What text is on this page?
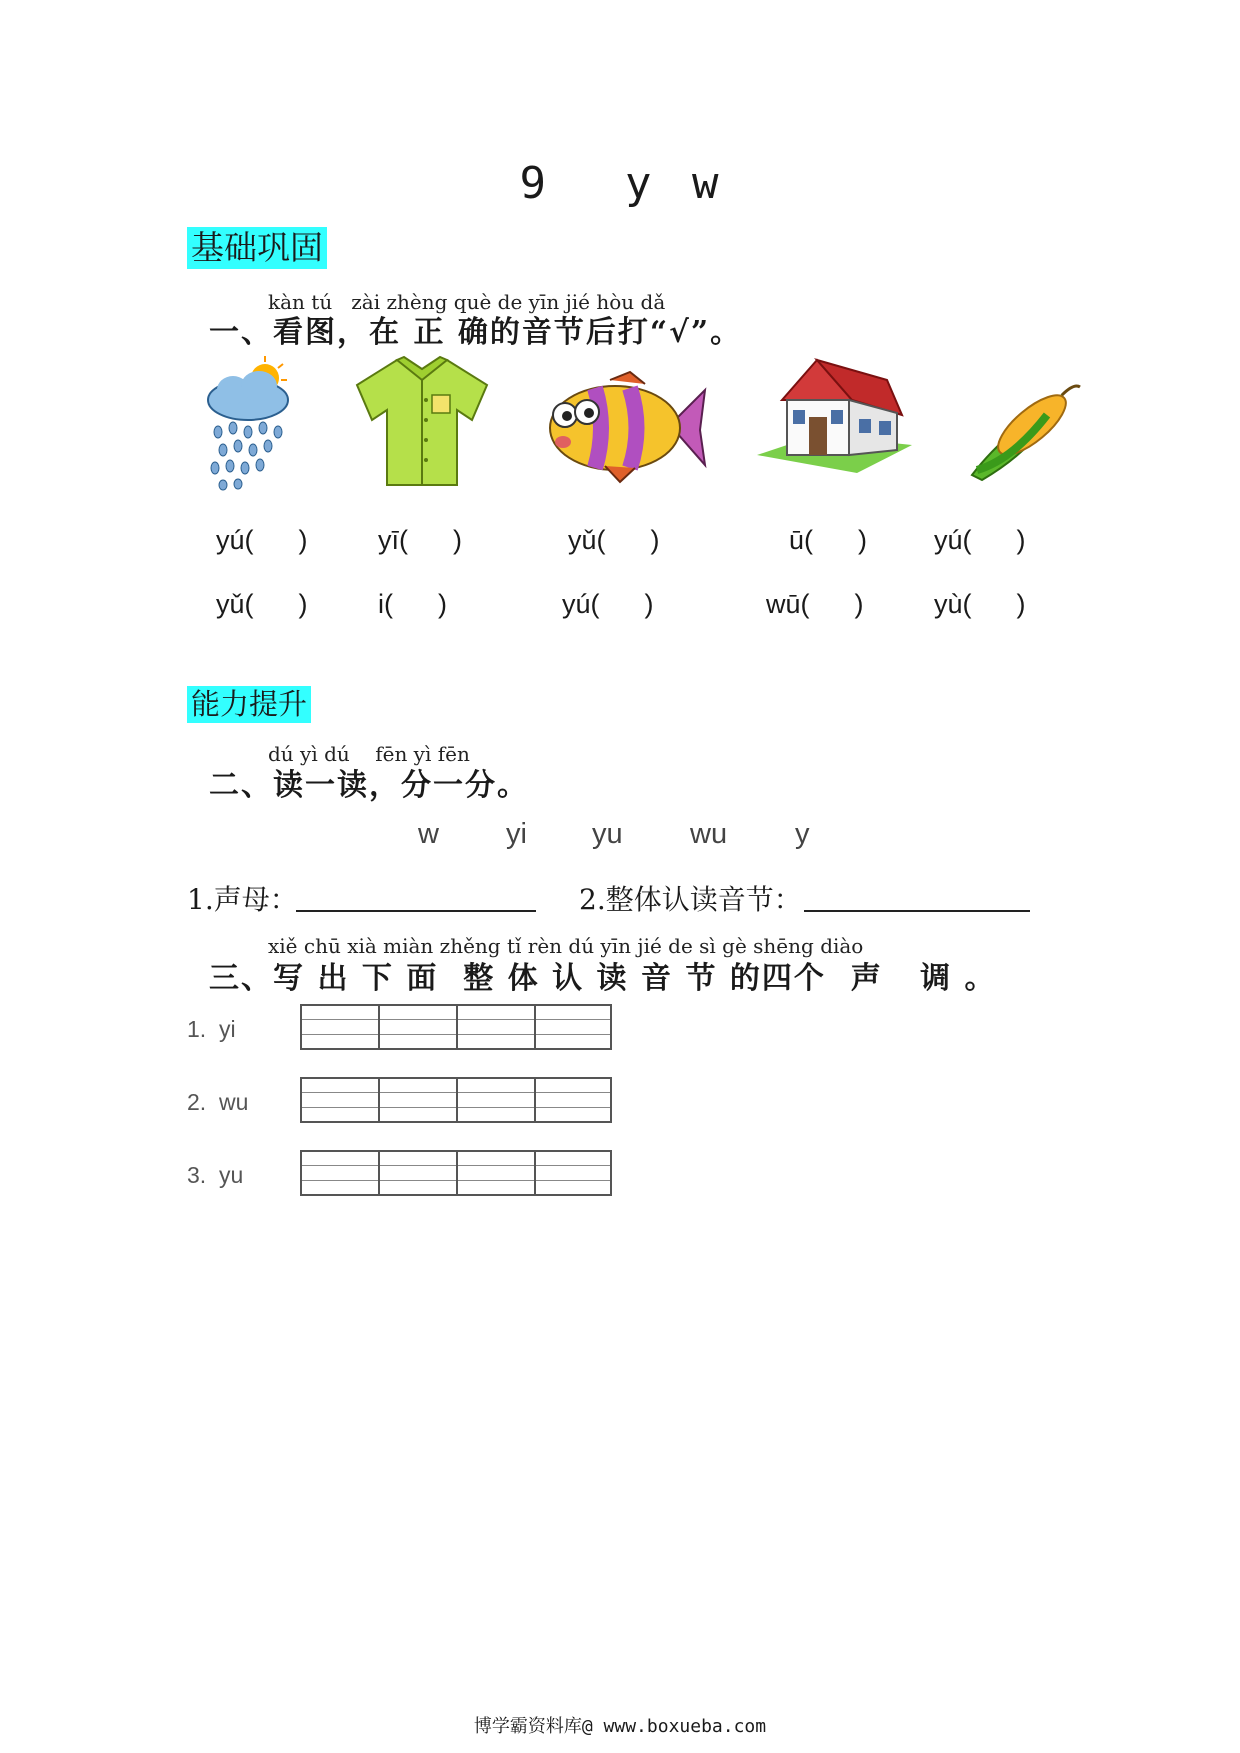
9  y w
基础巩固
kàn tú   zài zhèng què de yīn jié hòu dǎ
一、看图，在 正 确的音节后打“√”。
yú(      )	yī(      )	yǔ(      )	ū(      ) yú(      )
yǔ(      )	i(      )	yú(      )	wū(      )	yù(      )
能力提升
dú yì dú    fēn yì fēn
二、读一读，分一分。
w yi yu wu y
1.声母：	2.整体认读音节：
xiě chū xià miàn zhěng tǐ rèn dú yīn jié de sì gè shēng diào
三、写 出 下 面  整 体 认 读 音 节 的四个  声   调 。
1.  yi
2.  wu
3.  yu
博学霸资料库@ www.boxueba.com
